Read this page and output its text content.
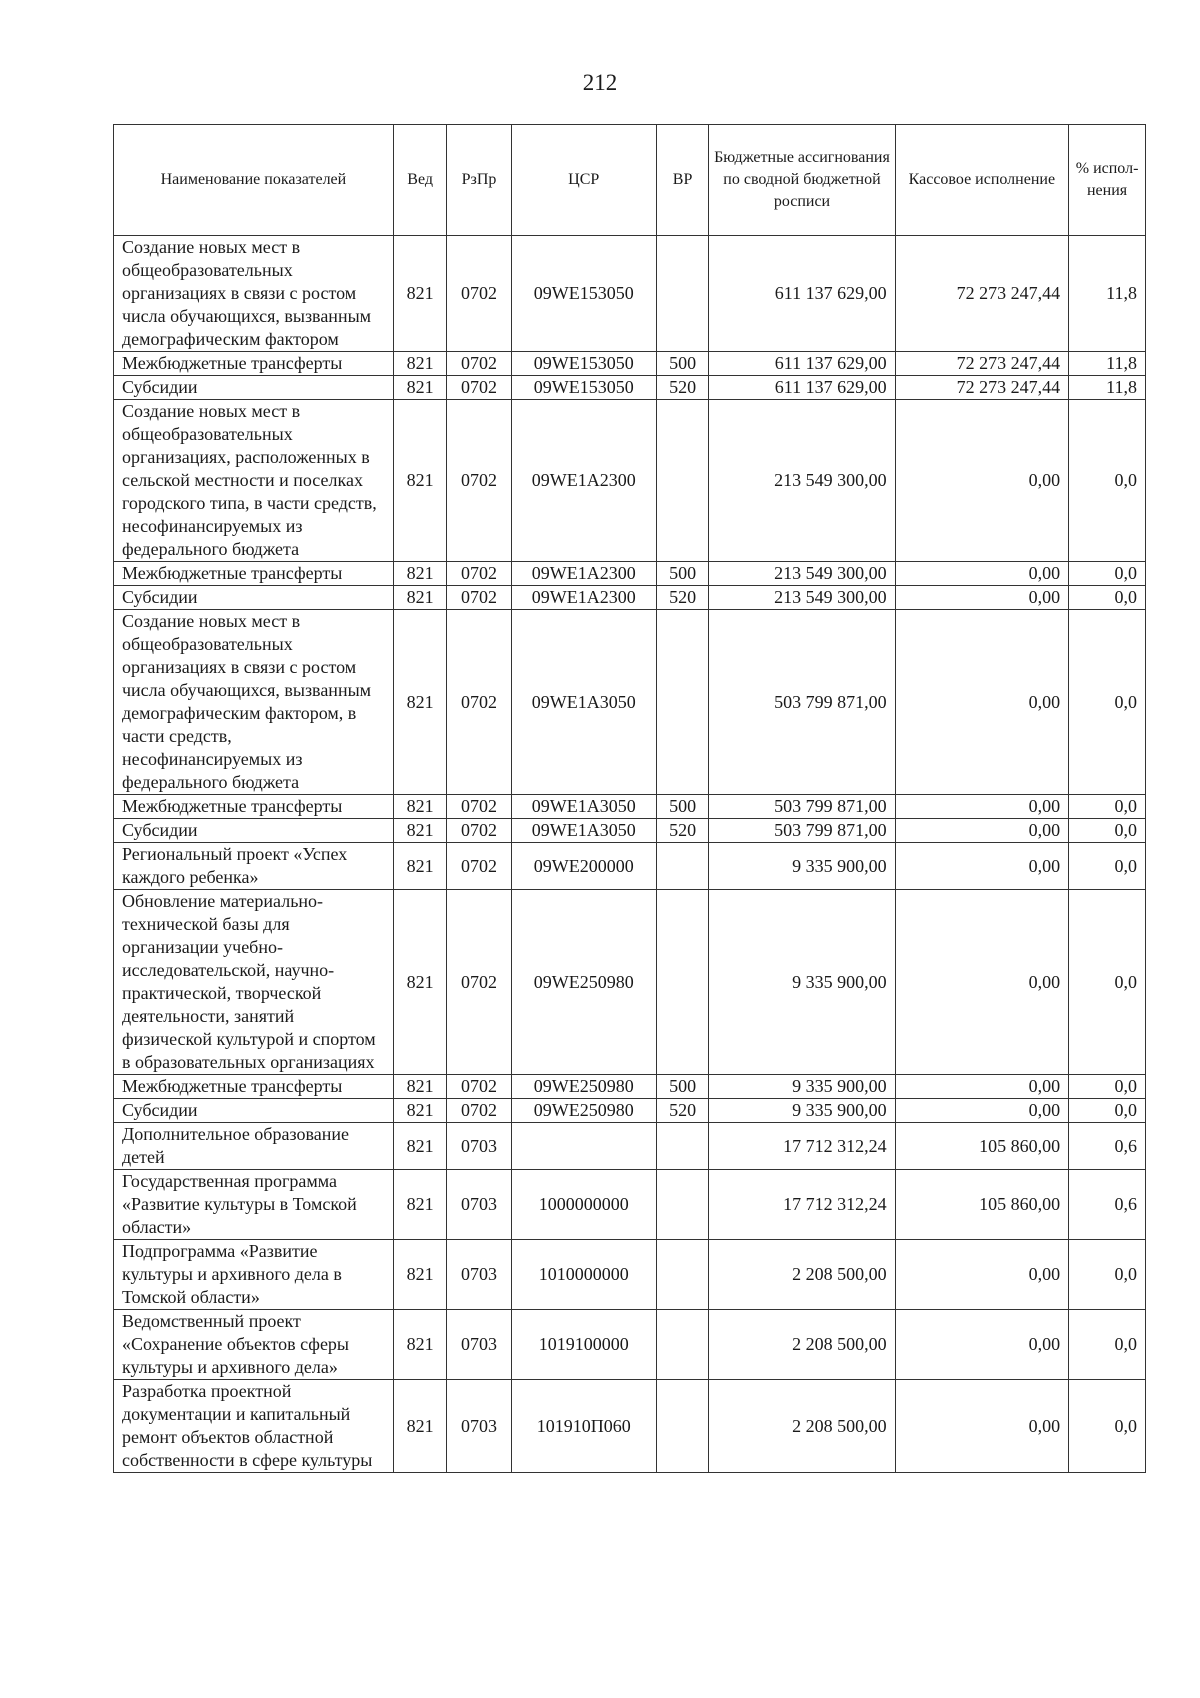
212
Наименование показателей	Вед	РзПр	ЦСР	ВР	Бюджетные ассигнования по сводной бюджетной росписи	Кассовое исполнение	% испол-нения
Создание новых мест в общеобразовательных организациях в связи с ростом числа обучающихся, вызванным демографическим фактором	821	0702	09WE153050		611 137 629,00	72 273 247,44	11,8
Межбюджетные трансферты	821	0702	09WE153050	500	611 137 629,00	72 273 247,44	11,8
Субсидии	821	0702	09WE153050	520	611 137 629,00	72 273 247,44	11,8
Создание новых мест в общеобразовательных организациях, расположенных в сельской местности и поселках городского типа, в части средств, несофинансируемых из федерального бюджета	821	0702	09WE1A2300		213 549 300,00	0,00	0,0
Межбюджетные трансферты	821	0702	09WE1A2300	500	213 549 300,00	0,00	0,0
Субсидии	821	0702	09WE1A2300	520	213 549 300,00	0,00	0,0
Создание новых мест в общеобразовательных организациях в связи с ростом числа обучающихся, вызванным демографическим фактором, в части средств, несофинансируемых из федерального бюджета	821	0702	09WE1A3050		503 799 871,00	0,00	0,0
Межбюджетные трансферты	821	0702	09WE1A3050	500	503 799 871,00	0,00	0,0
Субсидии	821	0702	09WE1A3050	520	503 799 871,00	0,00	0,0
Региональный проект «Успех каждого ребенка»	821	0702	09WE200000		9 335 900,00	0,00	0,0
Обновление материально-технической базы для организации учебно-исследовательской, научно-практической, творческой деятельности, занятий физической культурой и спортом в образовательных организациях	821	0702	09WE250980		9 335 900,00	0,00	0,0
Межбюджетные трансферты	821	0702	09WE250980	500	9 335 900,00	0,00	0,0
Субсидии	821	0702	09WE250980	520	9 335 900,00	0,00	0,0
Дополнительное образование детей	821	0703			17 712 312,24	105 860,00	0,6
Государственная программа «Развитие культуры в Томской области»	821	0703	1000000000		17 712 312,24	105 860,00	0,6
Подпрограмма «Развитие культуры и архивного дела в Томской области»	821	0703	1010000000		2 208 500,00	0,00	0,0
Ведомственный проект «Сохранение объектов сферы культуры и архивного дела»	821	0703	1019100000		2 208 500,00	0,00	0,0
Разработка проектной документации и капитальный ремонт объектов областной собственности в сфере культуры	821	0703	101910П060		2 208 500,00	0,00	0,0
